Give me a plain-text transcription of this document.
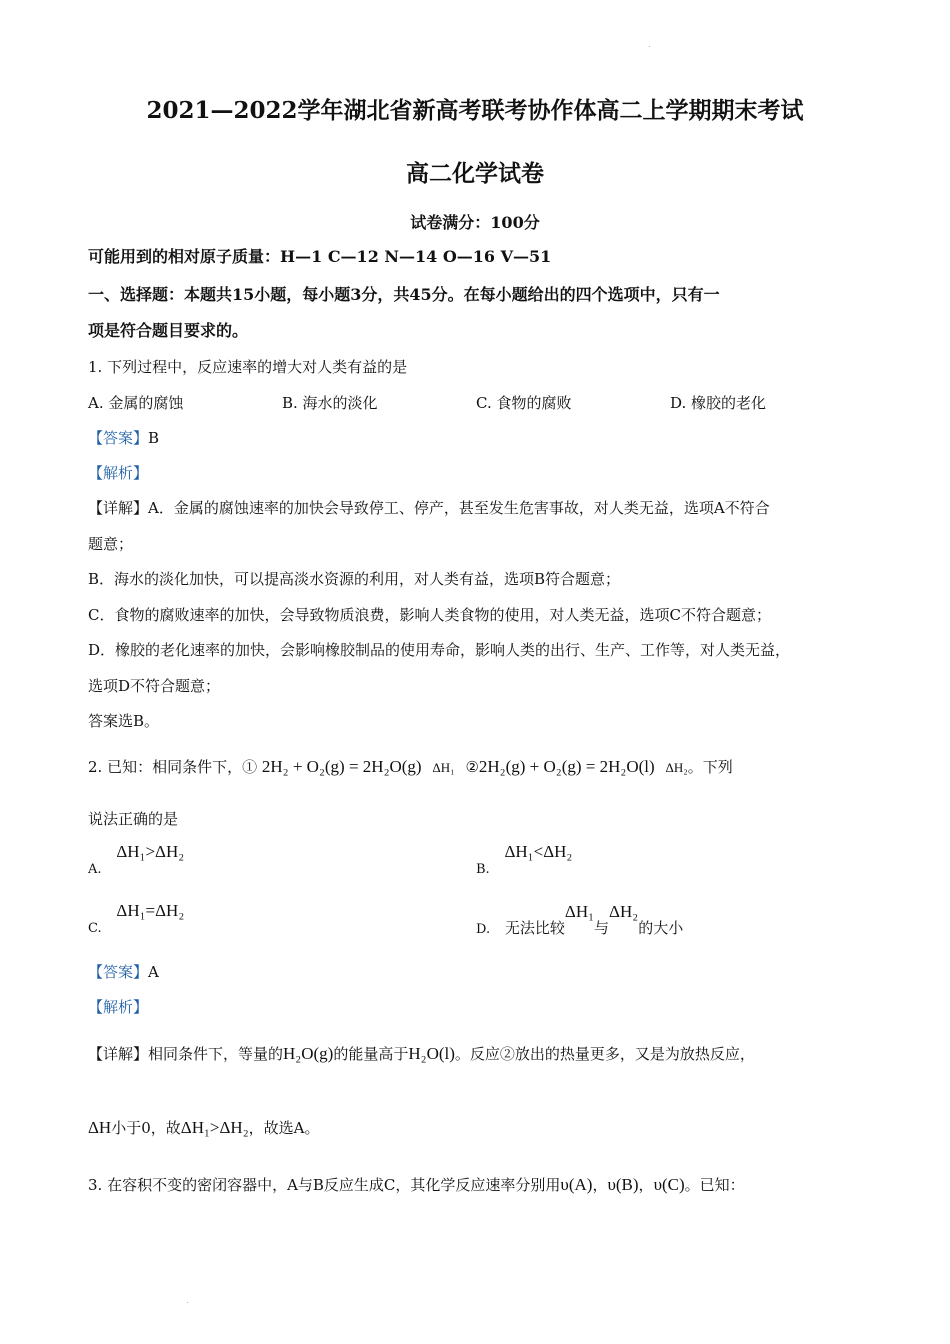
.
.
2021—2022学年湖北省新高考联考协作体高二上学期期末考试
高二化学试卷
试卷满分：100分
可能用到的相对原子质量：H—1 C—12 N—14 O—16 V—51
一、选择题：本题共15小题，每小题3分，共45分。在每小题给出的四个选项中，只有一
项是符合题目要求的。
1. 下列过程中，反应速率的增大对人类有益的是
A. 金属的腐蚀	B. 海水的淡化	C. 食物的腐败	D. 橡胶的老化
【答案】B
【解析】
【详解】A．金属的腐蚀速率的加快会导致停工、停产，甚至发生危害事故，对人类无益，选项A不符合
题意；
B．海水的淡化加快，可以提高淡水资源的利用，对人类有益，选项B符合题意；
C．食物的腐败速率的加快，会导致物质浪费，影响人类食物的使用，对人类无益，选项C不符合题意；
D．橡胶的老化速率的加快，会影响橡胶制品的使用寿命，影响人类的出行、生产、工作等，对人类无益，
选项D不符合题意；
答案选B。
2. 已知：相同条件下，① 2H₂ + O₂(g) = 2H₂O(g) ΔH₁ ②2H₂(g) + O₂(g) = 2H₂O(l) ΔH₂。下列
说法正确的是
A. ΔH₁>ΔH₂
B. ΔH₁<ΔH₂
C. ΔH₁=ΔH₂
D. 无法比较ΔH₁与ΔH₂的大小
【答案】A
【解析】
【详解】相同条件下，等量的H₂O(g)的能量高于H₂O(l)。反应②放出的热量更多，又是为放热反应，
ΔH小于0，故ΔH₁>ΔH₂，故选A。
3. 在容积不变的密闭容器中，A与B反应生成C，其化学反应速率分别用υ(A)，υ(B)，υ(C)。已知：
